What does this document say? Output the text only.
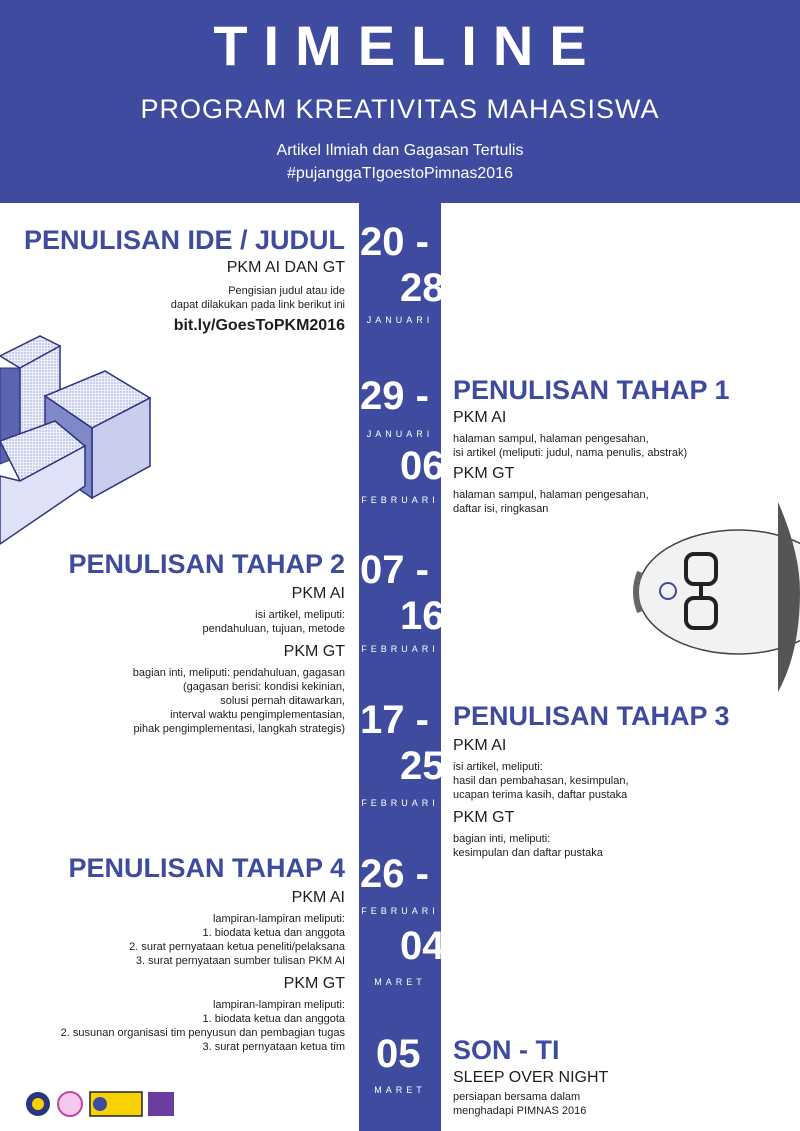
TIMELINE
PROGRAM KREATIVITAS MAHASISWA
Artikel Ilmiah dan Gagasan Tertulis
#pujanggaTIgoestoPimnas2016
20 -
28
JANUARI
29 -
JANUARI
06
FEBRUARI
07 -
16
FEBRUARI
17 -
25
FEBRUARI
26 -
FEBRUARI
04
MARET
05
MARET
PENULISAN IDE / JUDUL
PKM AI DAN GT
Pengisian judul atau ide
dapat dilakukan pada link berikut ini
bit.ly/GoesToPKM2016
PENULISAN TAHAP 1
PKM AI
halaman sampul, halaman pengesahan,
isi artikel (meliputi: judul, nama penulis, abstrak)
PKM GT
halaman sampul, halaman pengesahan,
daftar isi, ringkasan
PENULISAN TAHAP 2
PKM AI
isi artikel, meliputi:
pendahuluan, tujuan, metode
PKM GT
bagian inti, meliputi: pendahuluan, gagasan
(gagasan berisi: kondisi kekinian,
solusi pernah ditawarkan,
interval waktu pengimplementasian,
pihak pengimplementasi, langkah strategis)	PENULISAN TAHAP 3
PKM AI
isi artikel, meliputi:
hasil dan pembahasan, kesimpulan,
ucapan terima kasih, daftar pustaka
PKM GT
bagian inti, meliputi:
kesimpulan dan daftar pustaka
PENULISAN TAHAP 4
PKM AI
lampiran-lampiran meliputi:
1. biodata ketua dan anggota
2. surat pernyataan ketua peneliti/pelaksana
3. surat pernyataan sumber tulisan PKM AI
PKM GT
lampiran-lampiran meliputi:
1. biodata ketua dan anggota
2. susunan organisasi tim penyusun dan pembagian tugas
3. surat pernyataan ketua tim	SON - TI
SLEEP OVER NIGHT
persiapan bersama dalam
menghadapi PIMNAS 2016
